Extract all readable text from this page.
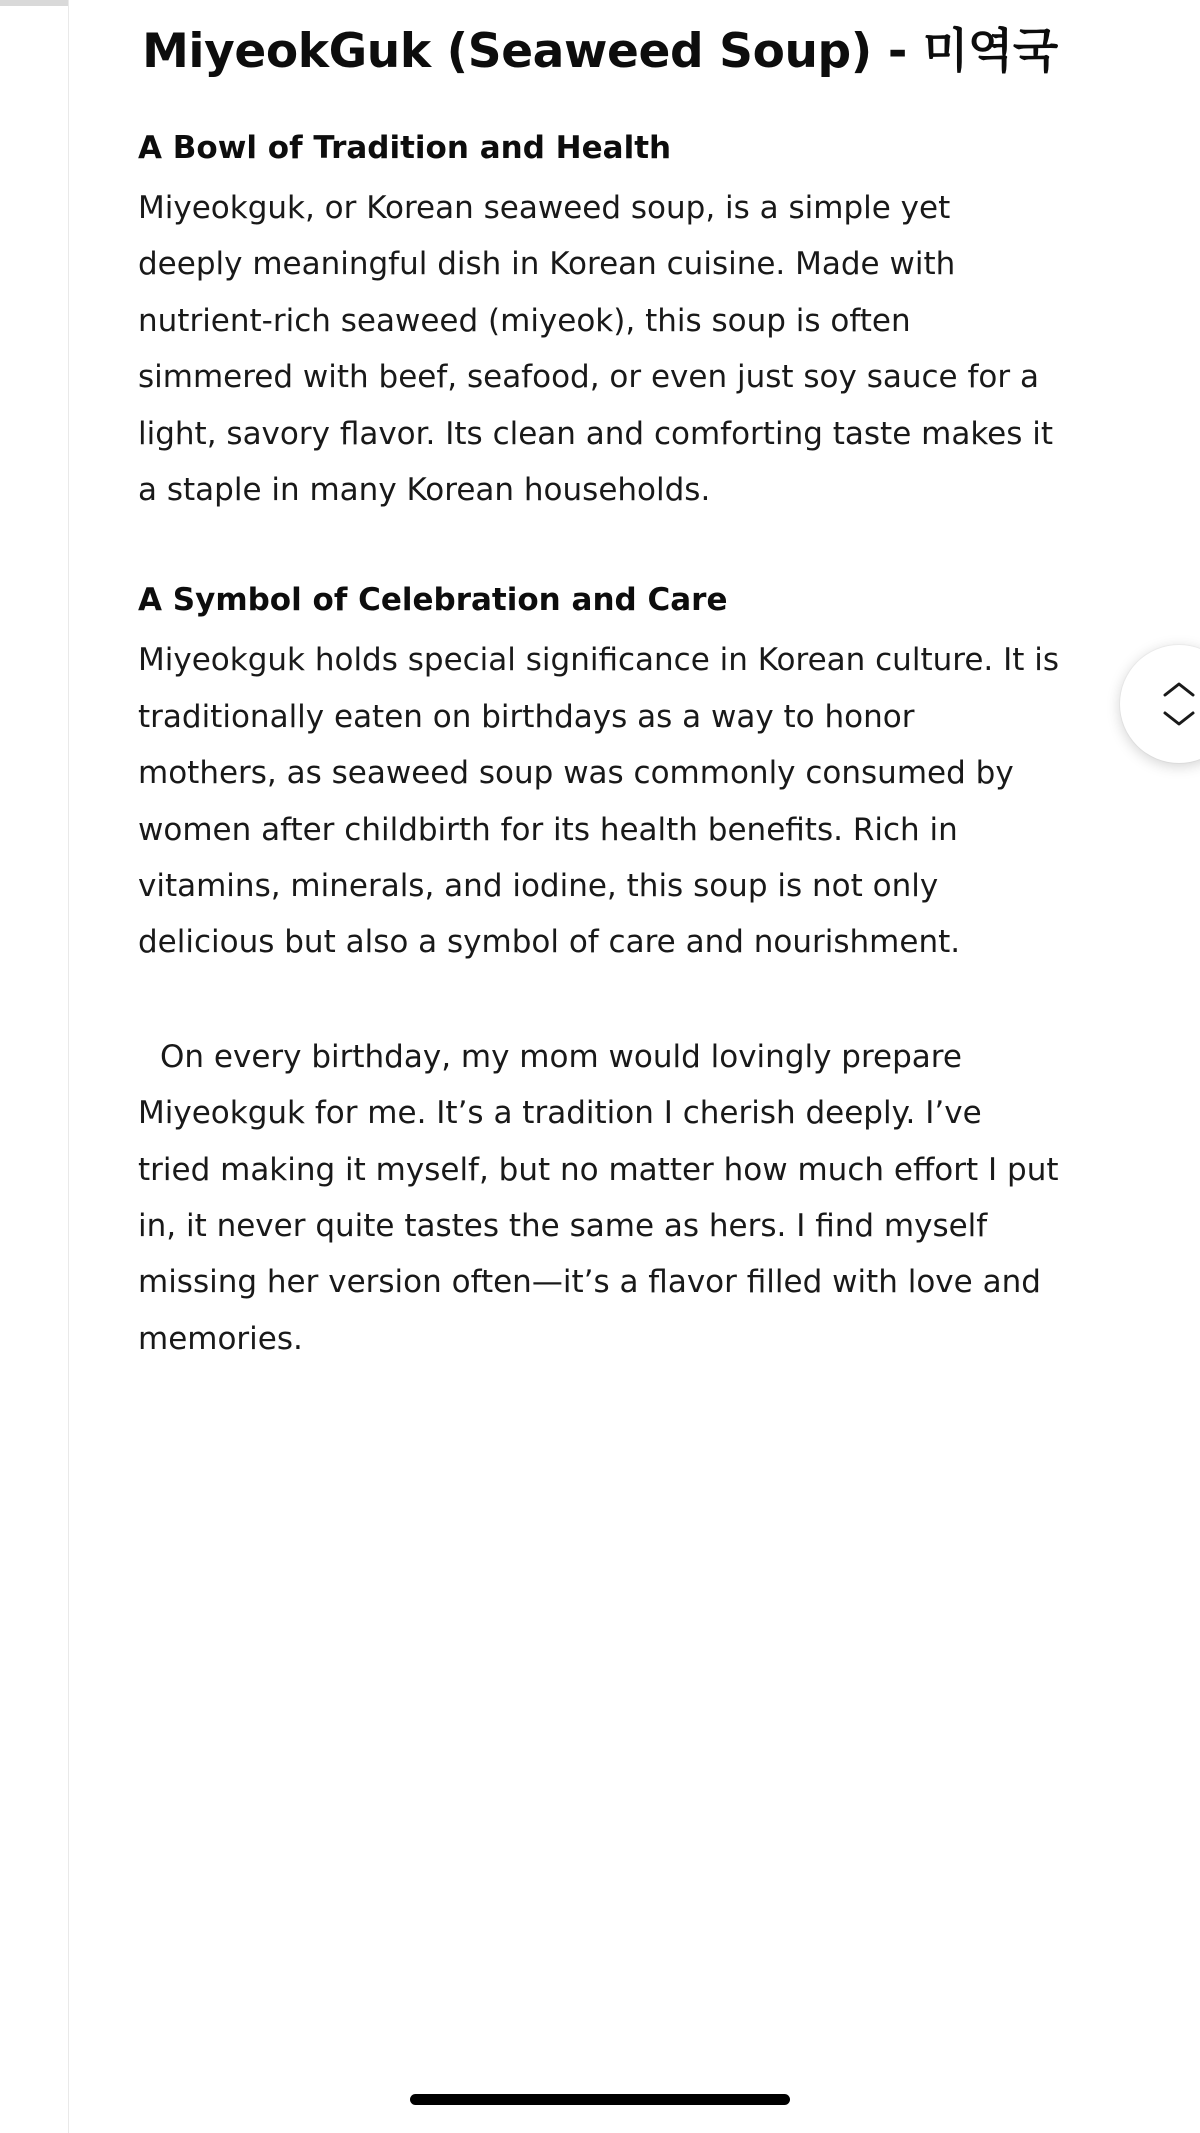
MiyeokGuk (Seaweed Soup) - 미역국
A Bowl of Tradition and Health

Miyeokguk, or Korean seaweed soup, is a simple yet deeply meaningful dish in Korean cuisine. Made with nutrient-rich seaweed (miyeok), this soup is often simmered with beef, seafood, or even just soy sauce for a light, savory flavor. Its clean and comforting taste makes it a staple in many Korean households.

A Symbol of Celebration and Care

Miyeokguk holds special significance in Korean culture. It is traditionally eaten on birthdays as a way to honor mothers, as seaweed soup was commonly consumed by women after childbirth for its health benefits. Rich in vitamins, minerals, and iodine, this soup is not only delicious but also a symbol of care and nourishment.

On every birthday, my mom would lovingly prepare Miyeokguk for me. It’s a tradition I cherish deeply. I’ve tried making it myself, but no matter how much effort I put in, it never quite tastes the same as hers. I find myself missing her version often—it’s a flavor filled with love and memories.
